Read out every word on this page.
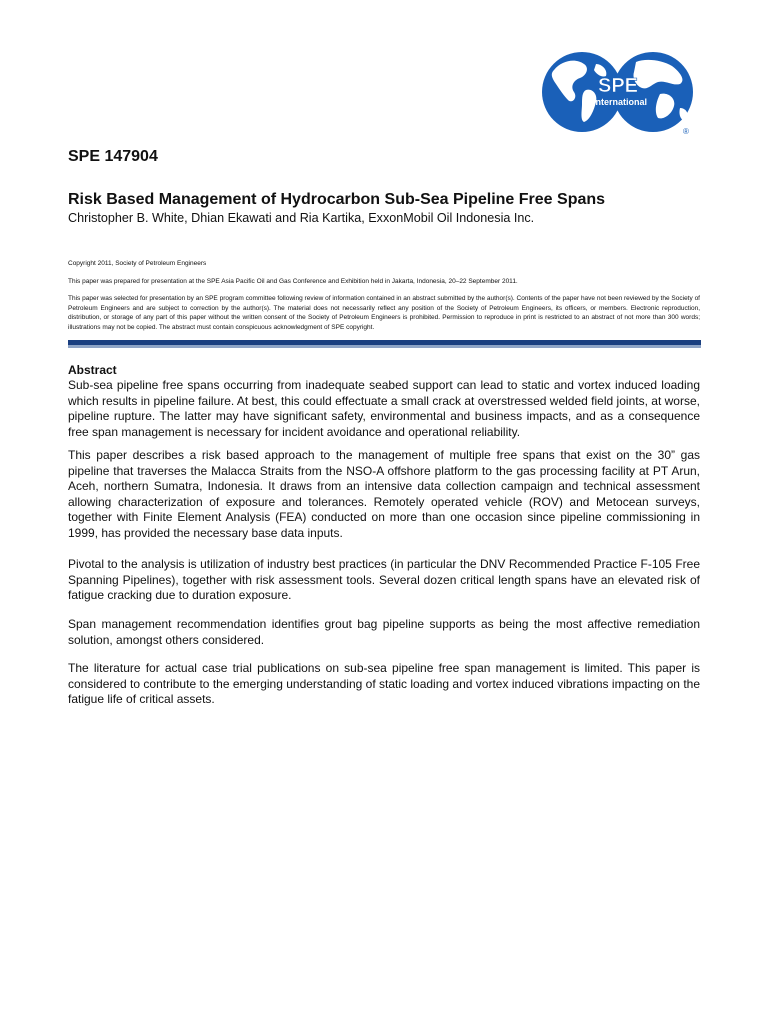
SPE
International
®
SPE 147904
Risk Based Management of Hydrocarbon Sub-Sea Pipeline Free Spans

Christopher B. White, Dhian Ekawati and Ria Kartika, ExxonMobil Oil Indonesia Inc.

Copyright 2011, Society of Petroleum Engineers

This paper was prepared for presentation at the SPE Asia Pacific Oil and Gas Conference and Exhibition held in Jakarta, Indonesia, 20–22 September 2011.

This paper was selected for presentation by an SPE program committee following review of information contained in an abstract submitted by the author(s). Contents of the paper have not been reviewed by the Society of Petroleum Engineers and are subject to correction by the author(s). The material does not necessarily reflect any position of the Society of Petroleum Engineers, its officers, or members. Electronic reproduction, distribution, or storage of any part of this paper without the written consent of the Society of Petroleum Engineers is prohibited. Permission to reproduce in print is restricted to an abstract of not more than 300 words; illustrations may not be copied. The abstract must contain conspicuous acknowledgment of SPE copyright.

Abstract

Sub-sea pipeline free spans occurring from inadequate seabed support can lead to static and vortex induced loading which results in pipeline failure. At best, this could effectuate a small crack at overstressed welded field joints, at worse, pipeline rupture. The latter may have significant safety, environmental and business impacts, and as a consequence free span management is necessary for incident avoidance and operational reliability.

This paper describes a risk based approach to the management of multiple free spans that exist on the 30” gas pipeline that traverses the Malacca Straits from the NSO-A offshore platform to the gas processing facility at PT Arun, Aceh, northern Sumatra, Indonesia. It draws from an intensive data collection campaign and technical assessment allowing characterization of exposure and tolerances. Remotely operated vehicle (ROV) and Metocean surveys, together with Finite Element Analysis (FEA) conducted on more than one occasion since pipeline commissioning in 1999, has provided the necessary base data inputs.

Pivotal to the analysis is utilization of industry best practices (in particular the DNV Recommended Practice F-105 Free Spanning Pipelines), together with risk assessment tools. Several dozen critical length spans have an elevated risk of fatigue cracking due to duration exposure.

Span management recommendation identifies grout bag pipeline supports as being the most affective remediation solution, amongst others considered.

The literature for actual case trial publications on sub-sea pipeline free span management is limited. This paper is considered to contribute to the emerging understanding of static loading and vortex induced vibrations impacting on the fatigue life of critical assets.
